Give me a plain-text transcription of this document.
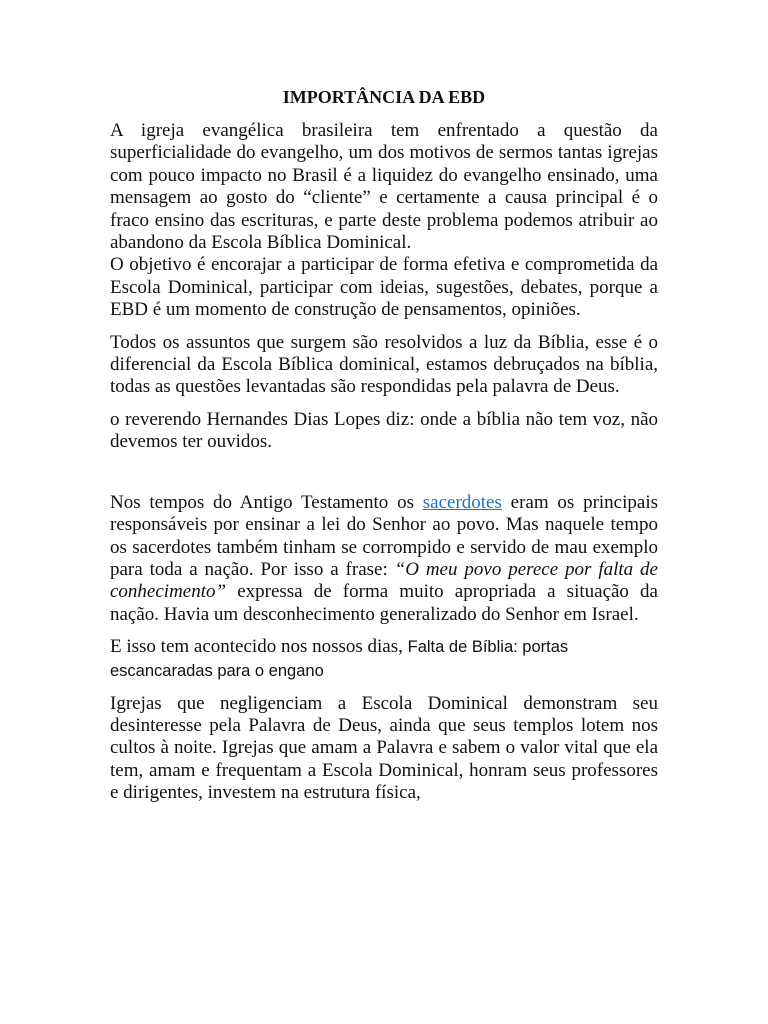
IMPORTÂNCIA DA EBD

A igreja evangélica brasileira tem enfrentado a questão da superficialidade do evangelho, um dos motivos de sermos tantas igrejas com pouco impacto no Brasil é a liquidez do evangelho ensinado, uma mensagem ao gosto do “cliente” e certamente a causa principal é o fraco ensino das escrituras, e parte deste problema podemos atribuir ao abandono da Escola Bíblica Dominical.

O objetivo é encorajar a participar de forma efetiva e comprometida da Escola Dominical, participar com ideias, sugestões, debates, porque a EBD é um momento de construção de pensamentos, opiniões.

Todos os assuntos que surgem são resolvidos a luz da Bíblia, esse é o diferencial da Escola Bíblica dominical, estamos debruçados na bíblia, todas as questões levantadas são respondidas pela palavra de Deus.

o reverendo Hernandes Dias Lopes diz: onde a bíblia não tem voz, não devemos ter ouvidos.

Nos tempos do Antigo Testamento os sacerdotes eram os principais responsáveis por ensinar a lei do Senhor ao povo. Mas naquele tempo os sacerdotes também tinham se corrompido e servido de mau exemplo para toda a nação. Por isso a frase: “O meu povo perece por falta de conhecimento” expressa de forma muito apropriada a situação da nação. Havia um desconhecimento generalizado do Senhor em Israel.

E isso tem acontecido nos nossos dias, Falta de Bíblia: portas
escancaradas para o engano

Igrejas que negligenciam a Escola Dominical demonstram seu desinteresse pela Palavra de Deus, ainda que seus templos lotem nos cultos à noite. Igrejas que amam a Palavra e sabem o valor vital que ela tem, amam e frequentam a Escola Dominical, honram seus professores e dirigentes, investem na estrutura física,
